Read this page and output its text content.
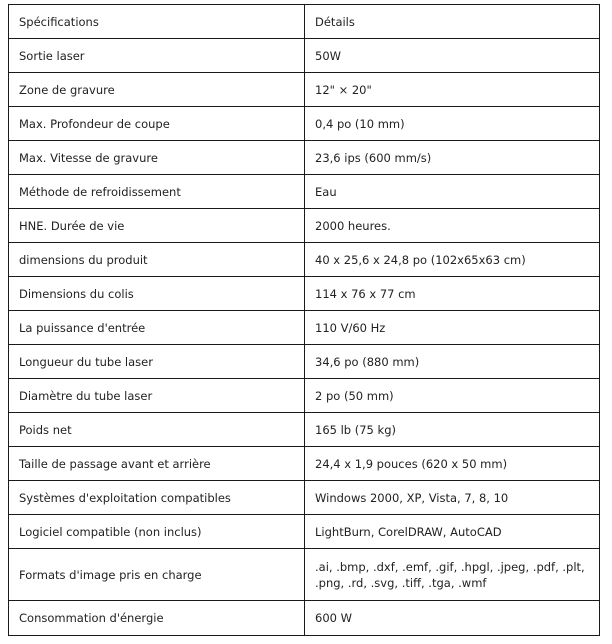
Spécifications	Détails
Sortie laser	50W
Zone de gravure	12" × 20"
Max. Profondeur de coupe	0,4 po (10 mm)
Max. Vitesse de gravure	23,6 ips (600 mm/s)
Méthode de refroidissement	Eau
HNE. Durée de vie	2000 heures.
dimensions du produit	40 x 25,6 x 24,8 po (102x65x63 cm)
Dimensions du colis	114 x 76 x 77 cm
La puissance d'entrée	110 V/60 Hz
Longueur du tube laser	34,6 po (880 mm)
Diamètre du tube laser	2 po (50 mm)
Poids net	165 lb (75 kg)
Taille de passage avant et arrière	24,4 x 1,9 pouces (620 x 50 mm)
Systèmes d'exploitation compatibles	Windows 2000, XP, Vista, 7, 8, 10
Logiciel compatible (non inclus)	LightBurn, CorelDRAW, AutoCAD
Formats d'image pris en charge	.ai, .bmp, .dxf, .emf, .gif, .hpgl, .jpeg, .pdf, .plt,
.png, .rd, .svg, .tiff, .tga, .wmf
Consommation d'énergie	600 W
